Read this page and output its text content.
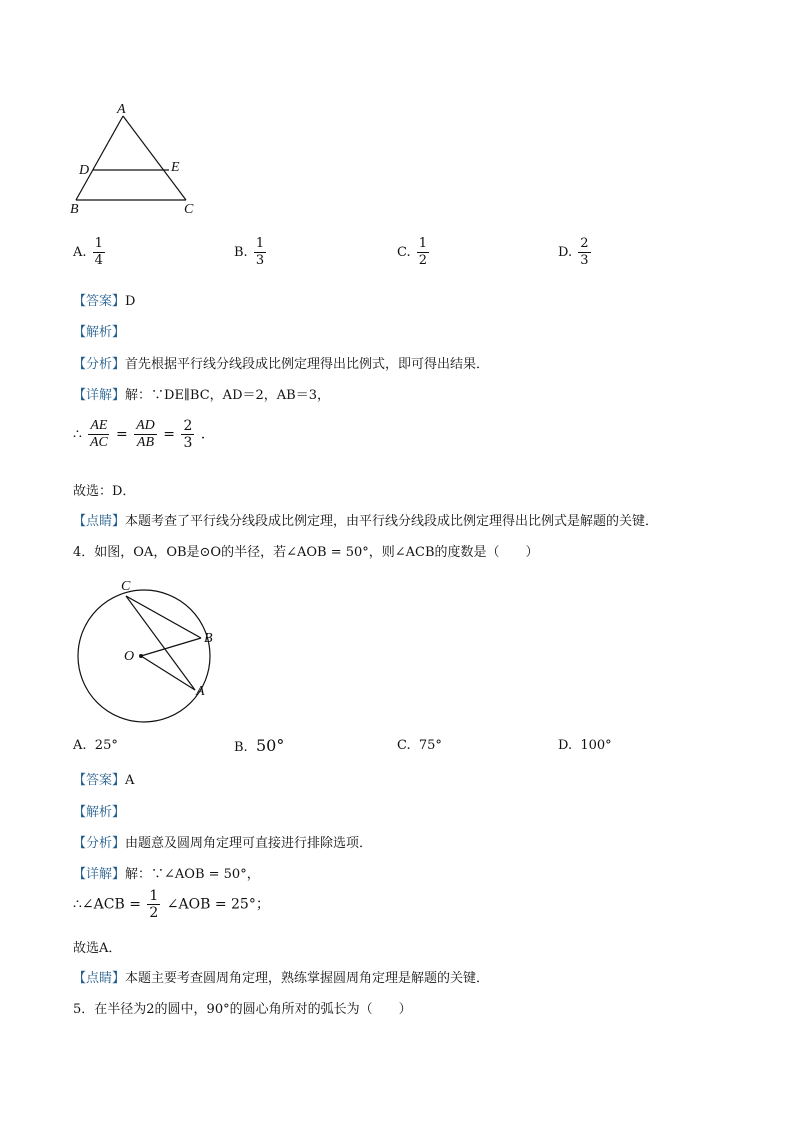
A
D	E
B	C
A. $\frac{1}{4}$	B. $\frac{1}{3}$	C. $\frac{1}{2}$	D. $\frac{2}{3}$
【答案】D
【解析】
【分析】首先根据平行线分线段成比例定理得出比例式，即可得出结果．
【详解】解：∵DE∥BC，AD＝2，AB＝3，
∴ $\frac{AE}{AC} = \frac{AD}{AB} = \frac{2}{3}$ ．
故选：D．
【点睛】本题考查了平行线分线段成比例定理，由平行线分线段成比例定理得出比例式是解题的关键．
4．如图，OA，OB是⊙O的半径，若∠AOB = 50°，则∠ACB的度数是（　　）
C
B
O
A
A. 25°	B. 50°	C. 75°	D. 100°
【答案】A
【解析】
【分析】由题意及圆周角定理可直接进行排除选项．
【详解】解：∵∠AOB = 50°，
∴∠ACB = $\frac{1}{2}$ ∠AOB = 25°；
故选A．
【点睛】本题主要考查圆周角定理，熟练掌握圆周角定理是解题的关键．
5．在半径为2的圆中，90°的圆心角所对的弧长为（　　）
